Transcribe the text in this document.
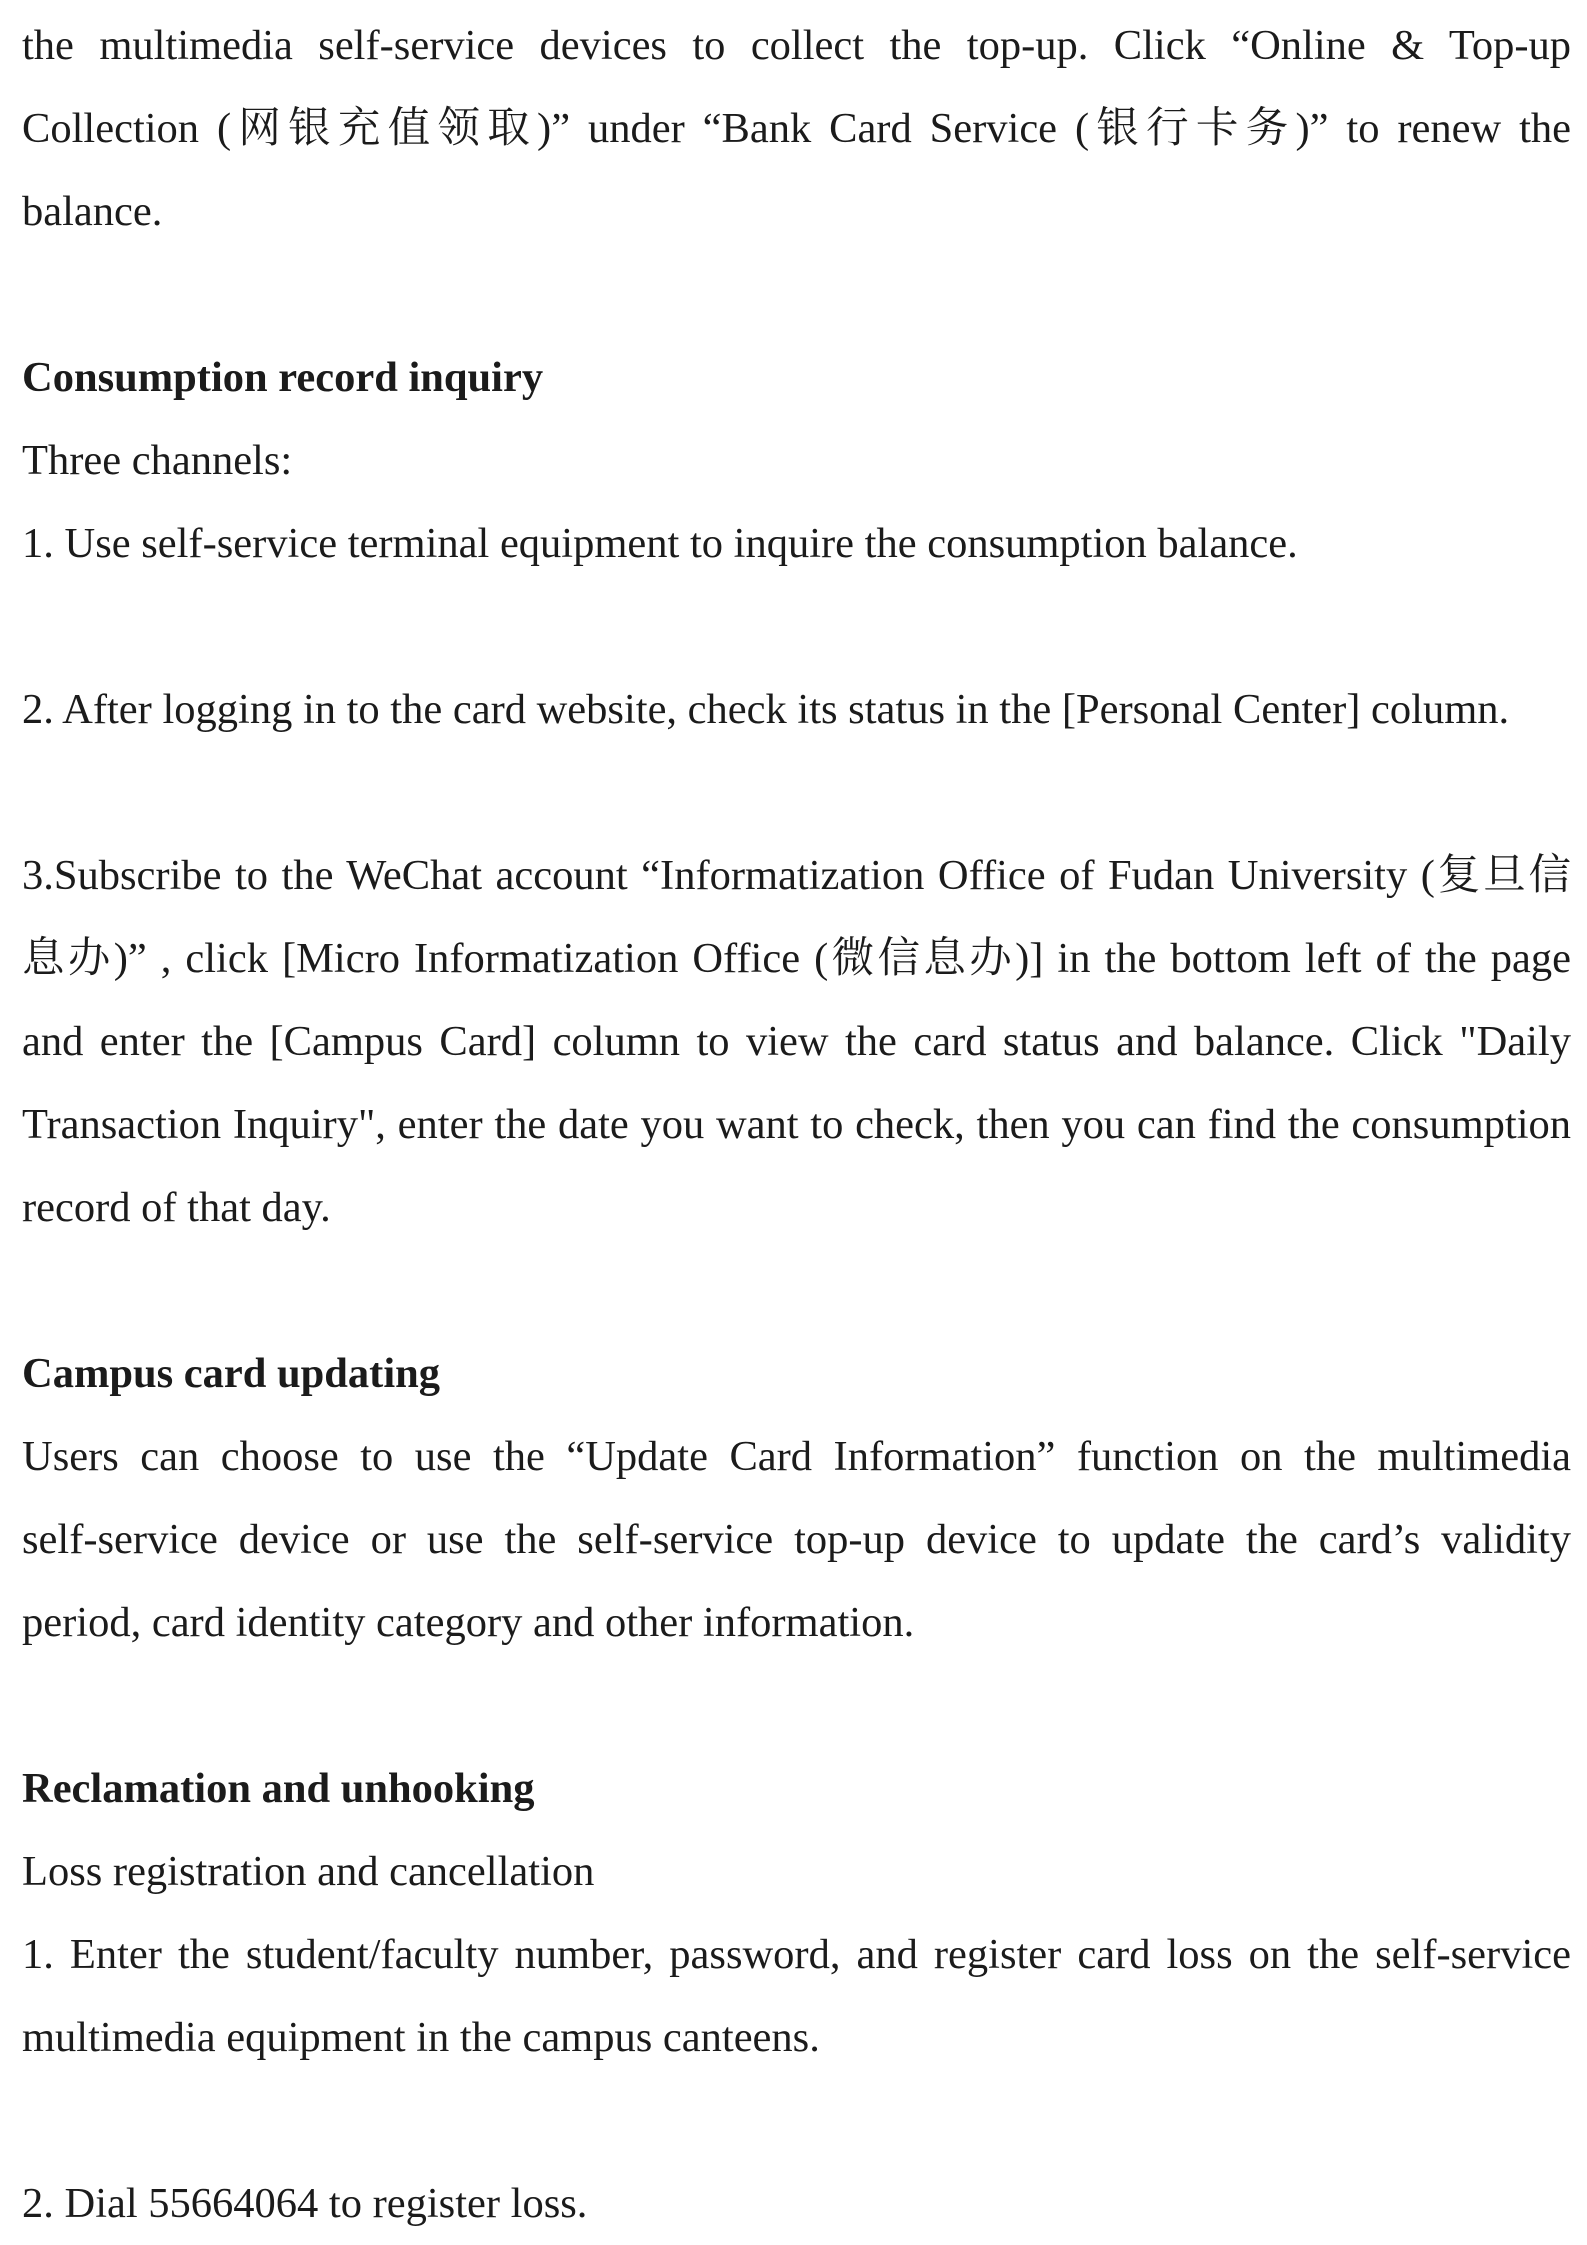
the multimedia self-service devices to collect the top-up. Click “Online & Top-up
Collection (网银充值领取)” under “Bank Card Service (银行卡务)” to renew the
balance.
Consumption record inquiry
Three channels:
1. Use self-service terminal equipment to inquire the consumption balance.
2. After logging in to the card website, check its status in the [Personal Center] column.
3.Subscribe to the WeChat account “Informatization Office of Fudan University (复旦信
息办)” , click [Micro Informatization Office (微信息办)] in the bottom left of the page
and enter the [Campus Card] column to view the card status and balance. Click "Daily
Transaction Inquiry", enter the date you want to check, then you can find the consumption
record of that day.
Campus card updating
Users can choose to use the “Update Card Information” function on the multimedia
self-service device or use the self-service top-up device to update the card’s validity
period, card identity category and other information.
Reclamation and unhooking
Loss registration and cancellation
1. Enter the student/faculty number, password, and register card loss on the self-service
multimedia equipment in the campus canteens.
2. Dial 55664064 to register loss.
